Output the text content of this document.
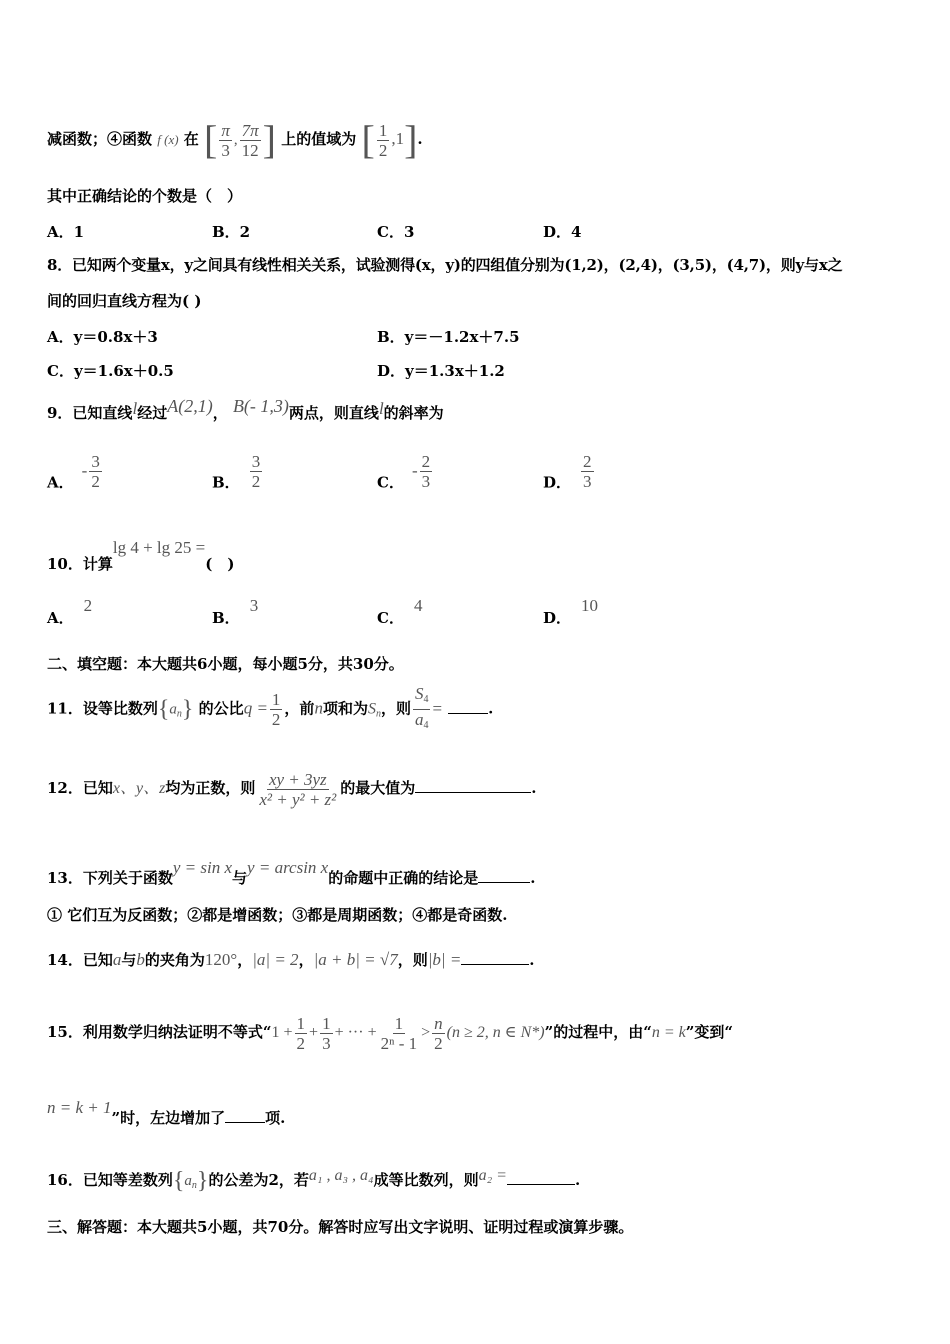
减函数；④函数 f (x) 在 [ $\frac{\pi}{3}$ , $\frac{7\pi}{12}$ ] 上的值域为 [ $\frac{1}{2} ,1$].
其中正确结论的个数是（　）
A．1	B．2	C．3	D．4
8．已知两个变量x，y之间具有线性相关关系，试验测得(x，y)的四组值分别为(1,2)，(2,4)，(3,5)，(4,7)，则y与x之
间的回归直线方程为( )
A．y＝0.8x＋3	B．y＝－1.2x＋7.5
C．y＝1.6x＋0.5	D．y＝1.3x＋1.2
9．已知直线l经过A(2,1)， B(- 1,3)两点，则直线l的斜率为
A．- $\frac{3}{2}$	B． $\frac{3}{2}$	C．- $\frac{2}{3}$	D． $\frac{2}{3}$
10．计算lg 4 + lg 25 =(　)
A．2
B．3
C．4
D．10
二、填空题：本大题共6小题，每小题5分，共30分。
11．设等比数列$\{a_n\}$ 的公比$q = \frac{1}{2}$ ，前n项和为$S_n$，则 $\frac{S_4}{a_4}$ =	.
12．已知x、y、z均为正数，则 $\frac{xy + 3yz}{\text{x² + y² + z²}}$ 的最大值为	.
13．下列关于函数y = sin x与y = arcsin x的命题中正确的结论是	.
① 它们互为反函数；②都是增函数；③都是周期函数；④都是奇函数.
14．已知a与b的夹角为120°，|a| = 2，|a + b| = √7，则|b| =	.
15．利用数学归纳法证明不等式“$1 + \frac{1}{2} + \frac{1}{3}$ + ··· + $\frac{1}{\text{2ⁿ - 1}} > \frac{n}{2} (n \ge 2$, n ∈ N*)”的过程中，由“n = k”变到“
n = k + 1”时，左边增加了	项.
16．已知等差数列$\{a_n\}$的公差为2，若a₁ , a₃ , a₄成等比数列，则a₂ =	.
三、解答题：本大题共5小题，共70分。解答时应写出文字说明、证明过程或演算步骤。
